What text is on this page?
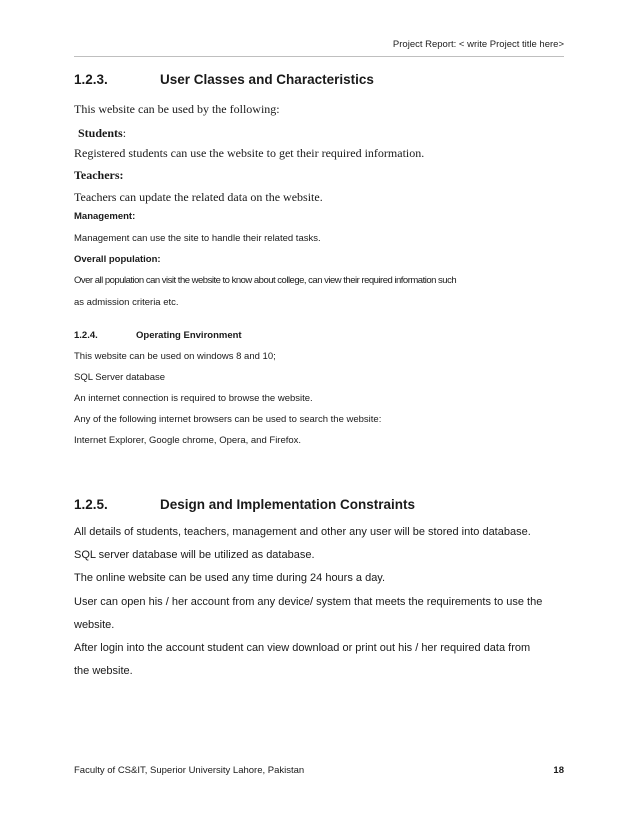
Project Report: < write Project title here>
1.2.3.	User Classes and Characteristics
This website can be used by the following:
Students:
Registered students can use the website to get their required information.
Teachers:
Teachers can update the related data on the website.
Management:
Management can use the site to handle their related tasks.
Overall population:
Over all population can visit the website to know about college, can view their required information such
as admission criteria etc.
1.2.4.	Operating Environment
This website can be used on windows 8 and 10;
SQL Server database
An internet connection is required to browse the website.
Any of the following internet browsers can be used to search the website:
Internet Explorer, Google chrome, Opera, and Firefox.
1.2.5.	Design and Implementation Constraints
All details of students, teachers, management and other any user will be stored into database.
SQL server database will be utilized as database.
The online website can be used any time during 24 hours a day.
User can open his / her account from any device/ system that meets the requirements to use the
website.
After login into the account student can view download or print out his / her required data from
the website.
Faculty of CS&IT, Superior University Lahore, Pakistan	18
